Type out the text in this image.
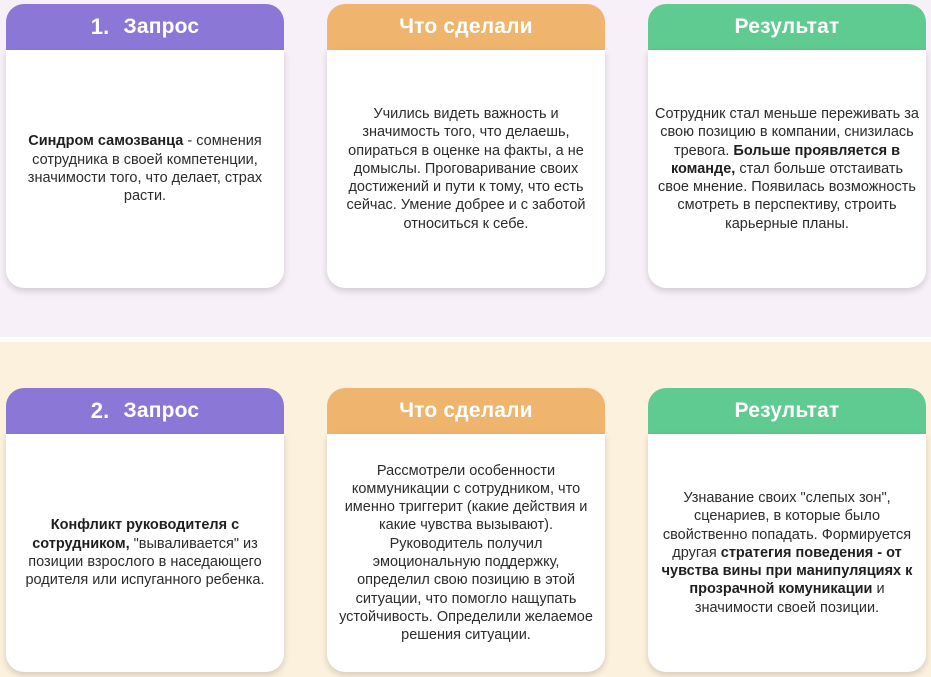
1. Запрос
Синдром самозванца - сомнения сотрудника в своей компетенции, значимости того, что делает, страх расти.
Что сделали
Учились видеть важность и значимость того, что делаешь, опираться в оценке на факты, а не домыслы. Проговаривание своих достижений и пути к тому, что есть сейчас. Умение добрее и с заботой относиться к себе.
Результат
Сотрудник стал меньше переживать за свою позицию в компании, снизилась тревога. Больше проявляется в команде, стал больше отстаивать свое мнение. Появилась возможность смотреть в перспективу, строить карьерные планы.
2. Запрос
Конфликт руководителя с сотрудником, "вываливается" из позиции взрослого в наседающего родителя или испуганного ребенка.
Что сделали
Рассмотрели особенности коммуникации с сотрудником, что именно триггерит (какие действия и какие чувства вызывают). Руководитель получил эмоциональную поддержку, определил свою позицию в этой ситуации, что помогло нащупать устойчивость. Определили желаемое решения ситуации.
Результат
Узнавание своих "слепых зон", сценариев, в которые было свойственно попадать. Формируется другая стратегия поведения - от чувства вины при манипуляциях к прозрачной комуникации и значимости своей позиции.
